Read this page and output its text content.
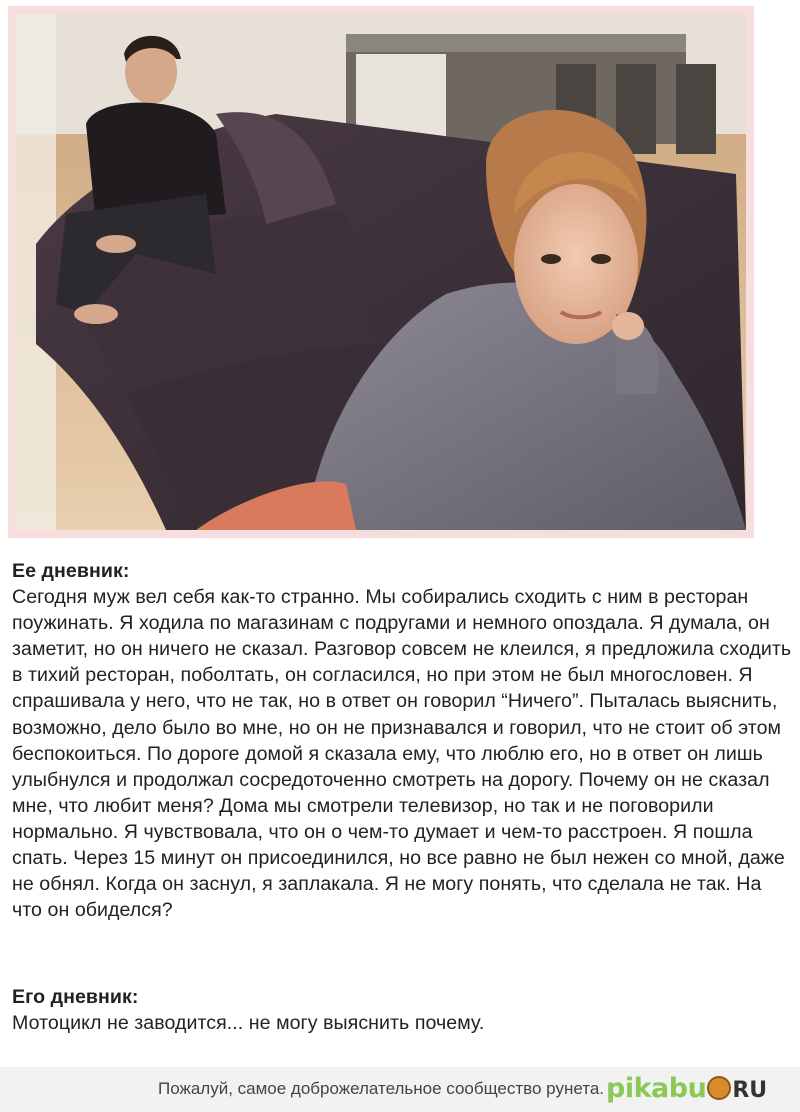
Ее дневник :
Сегодня муж вел себя как-то странно. Мы собирались сходить с ним в ресторан поужинать. Я ходила по магазинам с подругами и немного опоздала. Я думала, он заметит, но он ничего не сказал. Разговор совсем не клеился, я предложила сходить в тихий ресторан, поболтать, он согласился, но при этом не был многословен. Я спрашивала у него, что не так, но в ответ он говорил “Ничего”. Пыталась выяснить, возможно, дело было во мне, но он не признавался и говорил, что не стоит об этом беспокоиться. По дороге домой я сказала ему, что люблю его, но в ответ он лишь улыбнулся и продолжал сосредоточенно смотреть на дорогу. Почему он не сказал мне, что любит меня? Дома мы смотрели телевизор, но так и не поговорили нормально. Я чувствовала, что он о чем-то думает и чем-то расстроен. Я пошла спать. Через 15 минут он присоединился, но все равно не был нежен со мной, даже не обнял. Когда он заснул, я заплакала. Я не могу понять, что сделала не так. На что он обиделся?
Его дневник :
Мотоцикл не заводится... не могу выяснить почему.
Пожалуй, самое доброжелательное сообщество рунета. pikabu RU
